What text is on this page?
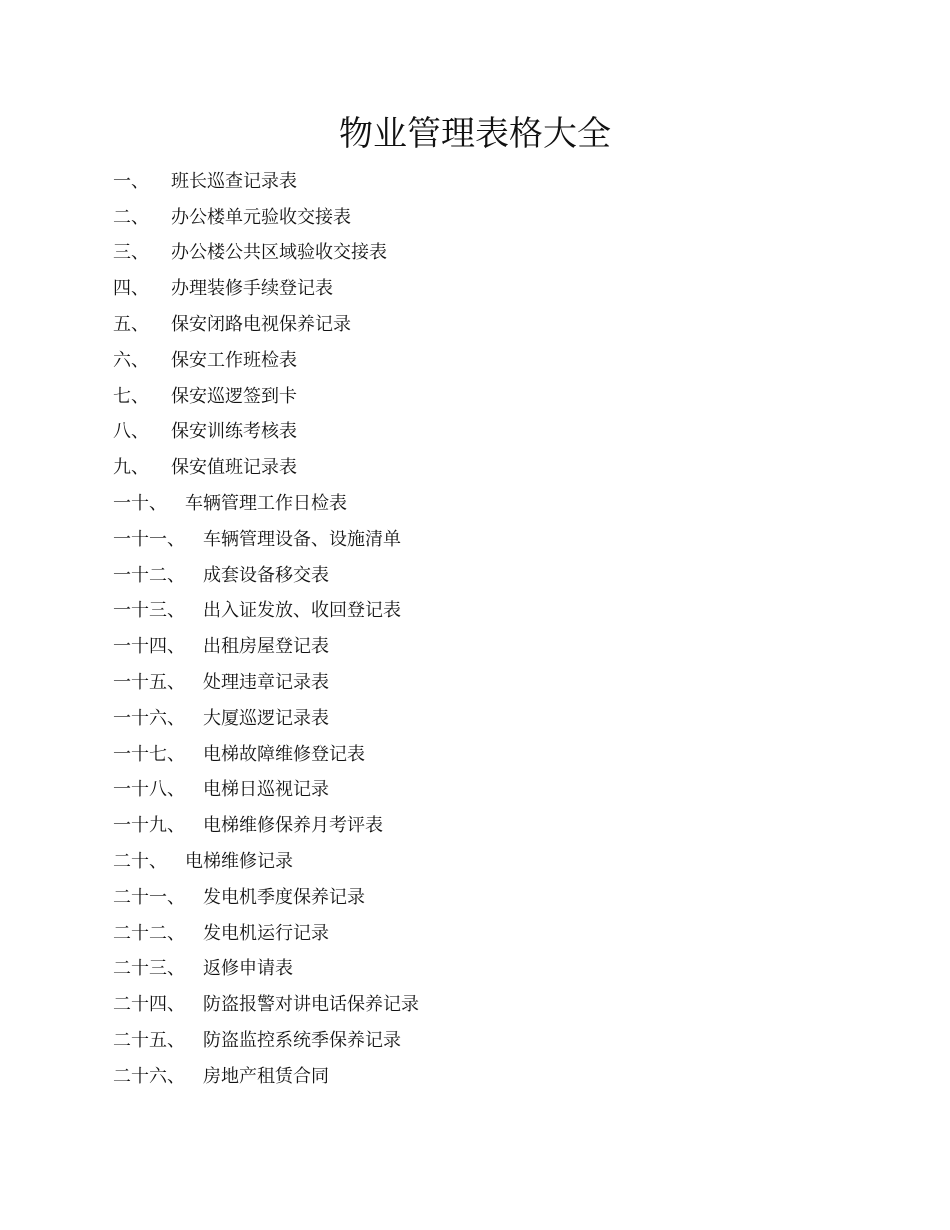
物业管理表格大全
一、 班长巡查记录表
二、 办公楼单元验收交接表
三、 办公楼公共区域验收交接表
四、 办理装修手续登记表
五、 保安闭路电视保养记录
六、 保安工作班检表
七、 保安巡逻签到卡
八、 保安训练考核表
九、 保安值班记录表
一十、 车辆管理工作日检表
一十一、 车辆管理设备、设施清单
一十二、 成套设备移交表
一十三、 出入证发放、收回登记表
一十四、 出租房屋登记表
一十五、 处理违章记录表
一十六、 大厦巡逻记录表
一十七、 电梯故障维修登记表
一十八、 电梯日巡视记录
一十九、 电梯维修保养月考评表
二十、 电梯维修记录
二十一、 发电机季度保养记录
二十二、 发电机运行记录
二十三、 返修申请表
二十四、 防盗报警对讲电话保养记录
二十五、 防盗监控系统季保养记录
二十六、 房地产租赁合同
